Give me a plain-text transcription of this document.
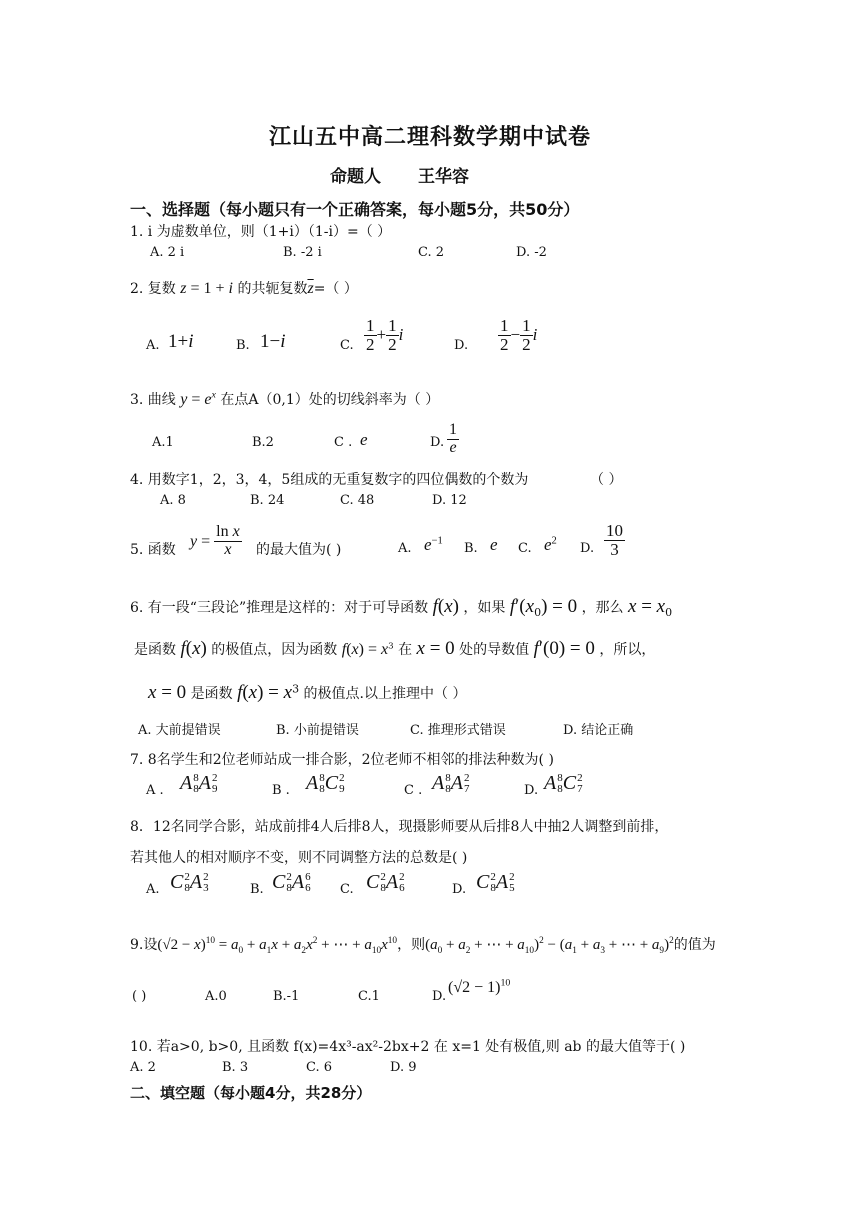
江山五中高二理科数学期中试卷
命题人 王华容
一、选择题（每小题只有一个正确答案，每小题5分，共50分）
1. i 为虚数单位，则（1+i）（1-i）=（ ）
A. 2 i	B. -2 i	C. 2	D. -2
2. 复数 z = 1 + i 的共轭复数$\overline{z}=$（ ）
A. 1+i	B. 1−i	C. $\frac{1}{2} + \frac{1}{2}$ i
D. $\frac{1}{2} - \frac{1}{2}$ i
3. 曲线 $y = e^x$ 在点A（0,1）处的切线斜率为（ ）
A.1	B.2	C . e	D. $\frac{1}{e}$
4. 用数字1，2，3，4，5组成的无重复数字的四位偶数的个数为	（ ）
A. 8	B. 24	C. 48	D. 12
5. 函数
$y = \frac{\text{ln x}}{x}$ 的最大值为( )	A. $e^{-1}$
B. e C. $e^2$
D. $\frac{10}{3}$
6. 有一段“三段论”推理是这样的：对于可导函数 f(x) ，如果 $f'(x_0) = 0$ ，那么 $x = x_0$
是函数 f(x) 的极值点，因为函数 $f(x) = x^3$ 在 x = 0 处的导数值 f′(0) = 0 ，所以，
x = 0 是函数 $f(x) = x^3$ 的极值点.以上推理中（ ）
A. 大前提错误	B. 小前提错误	C. 推理形式错误	D. 结论正确
7. 8名学生和2位老师站成一排合影，2位老师不相邻的排法种数为( )
A . A 8
8 A 2
9	B . A 8
8 C 2
9	C . A 8
8 A 2
7	D. A 8
8 C 2
7
8．12名同学合影，站成前排4人后排8人，现摄影师要从后排8人中抽2人调整到前排，
若其他人的相对顺序不变，则不同调整方法的总数是( )
A. C 2
8 A 2
3	B. C 2
8 A 6
6 C. C 2
8 A 2
6	D. C 2
8 A 2
5
9.设$(√2 - x)^{10} = a_0 + a_1x + a_2x^2$ + ⋯ + $a_{10}x^{10}$，则($a_0 + a_2$ + ⋯ + $a_{10})^2 - (a_1 + a_3$ + ⋯ + $a_9)^2$的值为
( )	A.0	B.-1	C.1	D.
$(√2 - 1)^{10}$
10. 若a>0, b>0, 且函数 f(x)=4x³-ax²-2bx+2 在 x=1 处有极值,则 ab 的最大值等于( )
A. 2	B. 3	C. 6	D. 9
二、填空题（每小题4分，共28分）
